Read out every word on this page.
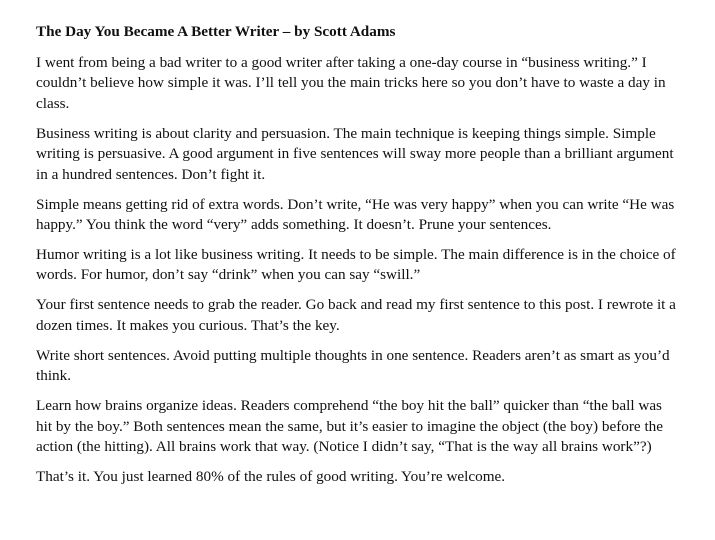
The Day You Became A Better Writer – by Scott Adams

I went from being a bad writer to a good writer after taking a one-day course in “business writing.” I couldn’t believe how simple it was. I’ll tell you the main tricks here so you don’t have to waste a day in class.

Business writing is about clarity and persuasion. The main technique is keeping things simple. Simple writing is persuasive. A good argument in five sentences will sway more people than a brilliant argument in a hundred sentences. Don’t fight it.

Simple means getting rid of extra words. Don’t write, “He was very happy” when you can write “He was happy.” You think the word “very” adds something. It doesn’t. Prune your sentences.

Humor writing is a lot like business writing. It needs to be simple. The main difference is in the choice of words. For humor, don’t say “drink” when you can say “swill.”

Your first sentence needs to grab the reader. Go back and read my first sentence to this post. I rewrote it a dozen times. It makes you curious. That’s the key.

Write short sentences. Avoid putting multiple thoughts in one sentence. Readers aren’t as smart as you’d think.

Learn how brains organize ideas. Readers comprehend “the boy hit the ball” quicker than “the ball was hit by the boy.” Both sentences mean the same, but it’s easier to imagine the object (the boy) before the action (the hitting). All brains work that way. (Notice I didn’t say, “That is the way all brains work”?)

That’s it. You just learned 80% of the rules of good writing. You’re welcome.
